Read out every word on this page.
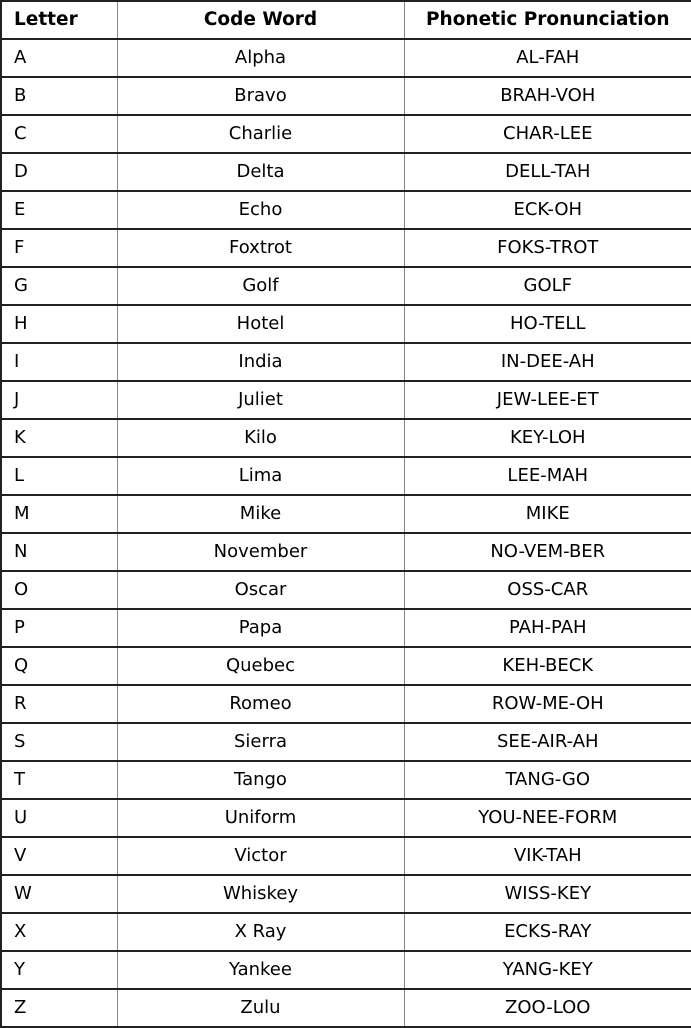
Letter	Code Word	Phonetic Pronunciation
A	Alpha	AL-FAH
B	Bravo	BRAH-VOH
C	Charlie	CHAR-LEE
D	Delta	DELL-TAH
E	Echo	ECK-OH
F	Foxtrot	FOKS-TROT
G	Golf	GOLF
H	Hotel	HO-TELL
I	India	IN-DEE-AH
J	Juliet	JEW-LEE-ET
K	Kilo	KEY-LOH
L	Lima	LEE-MAH
M	Mike	MIKE
N	November	NO-VEM-BER
O	Oscar	OSS-CAR
P	Papa	PAH-PAH
Q	Quebec	KEH-BECK
R	Romeo	ROW-ME-OH
S	Sierra	SEE-AIR-AH
T	Tango	TANG-GO
U	Uniform	YOU-NEE-FORM
V	Victor	VIK-TAH
W	Whiskey	WISS-KEY
X	X Ray	ECKS-RAY
Y	Yankee	YANG-KEY
Z	Zulu	ZOO-LOO
